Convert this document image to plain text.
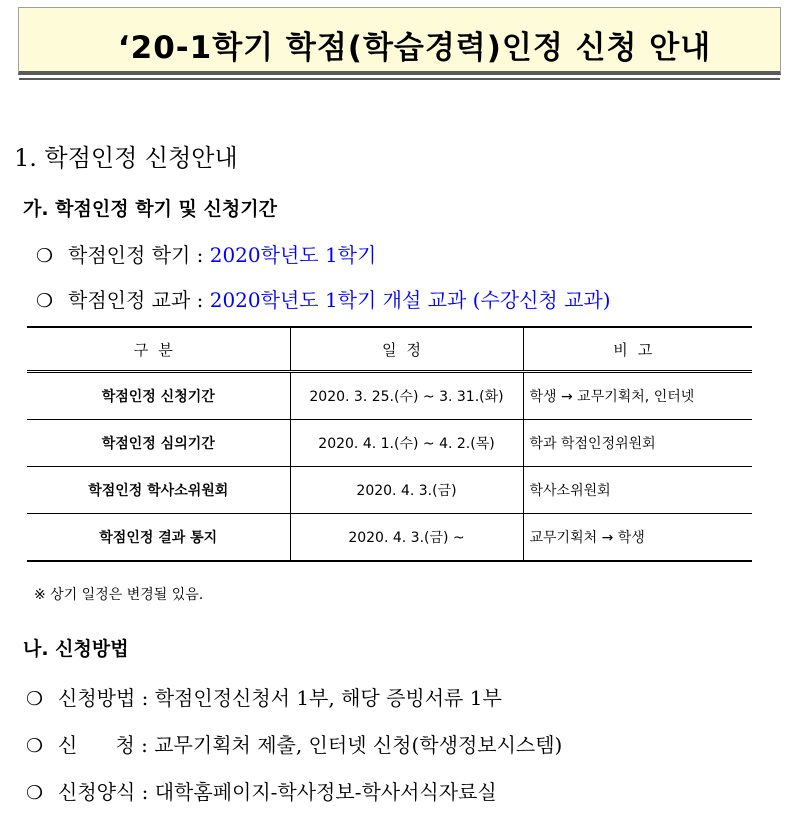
‘20-1학기 학점(학습경력)인정 신청 안내
1. 학점인정 신청안내
가. 학점인정 학기 및 신청기간
❍ 학점인정 학기 : 2020학년도 1학기
❍ 학점인정 교과 : 2020학년도 1학기 개설 교과 (수강신청 교과)
구분	일정	비고
학점인정 신청기간	2020. 3. 25.(수) ~ 3. 31.(화)	학생 → 교무기획처, 인터넷
학점인정 심의기간	2020. 4. 1.(수) ~ 4. 2.(목)	학과 학점인정위원회
학점인정 학사소위원회	2020. 4. 3.(금)	학사소위원회
학점인정 결과 통지	2020. 4. 3.(금) ~	교무기획처 → 학생
※ 상기 일정은 변경될 있음.
나. 신청방법
❍ 신청방법 : 학점인정신청서 1부, 해당 증빙서류 1부
❍ 신      청 : 교무기획처 제출, 인터넷 신청(학생정보시스템)
❍ 신청양식 : 대학홈페이지-학사정보-학사서식자료실
